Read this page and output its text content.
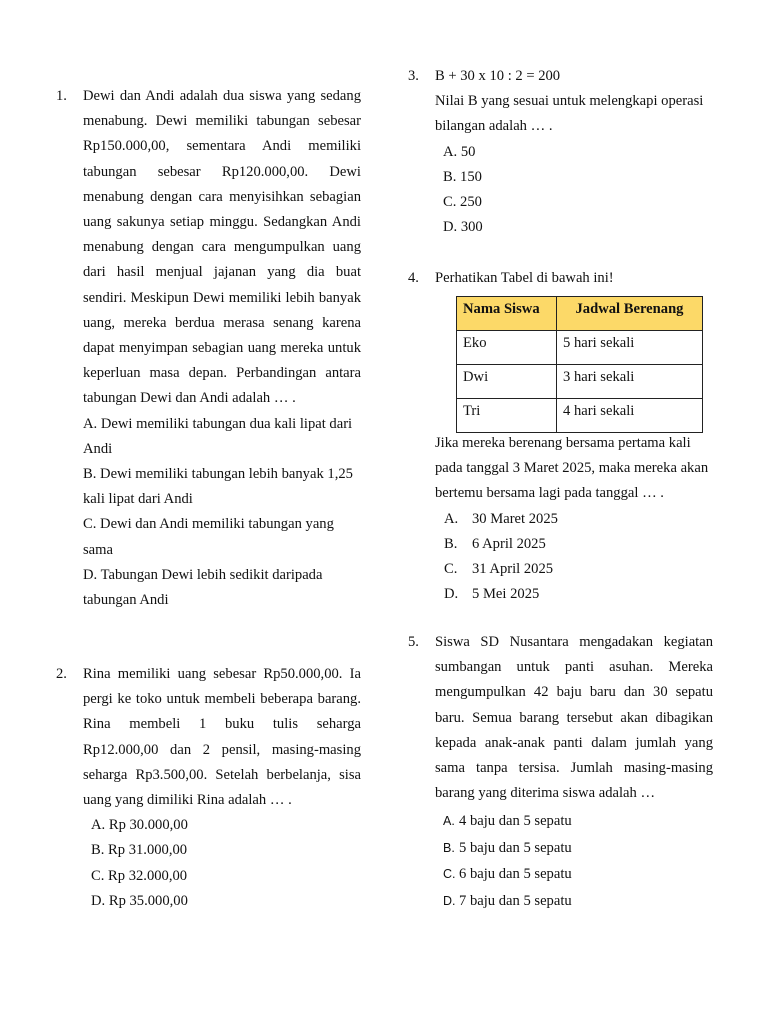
1. Dewi dan Andi adalah dua siswa yang sedang menabung. Dewi memiliki tabungan sebesar Rp150.000,00, sementara Andi memiliki tabungan sebesar Rp120.000,00. Dewi menabung dengan cara menyisihkan sebagian uang sakunya setiap minggu. Sedangkan Andi menabung dengan cara mengumpulkan uang dari hasil menjual jajanan yang dia buat sendiri. Meskipun Dewi memiliki lebih banyak uang, mereka berdua merasa senang karena dapat menyimpan sebagian uang mereka untuk keperluan masa depan. Perbandingan antara tabungan Dewi dan Andi adalah … .

A. Dewi memiliki tabungan dua kali lipat dari Andi
B. Dewi memiliki tabungan lebih banyak 1,25 kali lipat dari Andi
C. Dewi dan Andi memiliki tabungan yang sama
D. Tabungan Dewi lebih sedikit daripada tabungan Andi
2. Rina memiliki uang sebesar Rp50.000,00. Ia pergi ke toko untuk membeli beberapa barang. Rina membeli 1 buku tulis seharga Rp12.000,00 dan 2 pensil, masing-masing seharga Rp3.500,00. Setelah berbelanja, sisa uang yang dimiliki Rina adalah … .

A. Rp 30.000,00
B. Rp 31.000,00
C. Rp 32.000,00
D. Rp 35.000,00
3. B + 30 x 10 : 2 = 200

Nilai B yang sesuai untuk melengkapi operasi bilangan adalah … .

A. 50
B. 150
C. 250
D. 300
4. Perhatikan Tabel di bawah ini!
Nama Siswa	Jadwal Berenang
Eko	5 hari sekali
Dwi	3 hari sekali
Tri	4 hari sekali

Jika mereka berenang bersama pertama kali pada tanggal 3 Maret 2025, maka mereka akan bertemu bersama lagi pada tanggal … .

A. 30 Maret 2025
B. 6 April 2025
C. 31 April 2025
D. 5 Mei 2025
5. Siswa SD Nusantara mengadakan kegiatan sumbangan untuk panti asuhan. Mereka mengumpulkan 42 baju baru dan 30 sepatu baru. Semua barang tersebut akan dibagikan kepada anak-anak panti dalam jumlah yang sama tanpa tersisa. Jumlah masing-masing barang yang diterima siswa adalah …

A. 4 baju dan 5 sepatu
B. 5 baju dan 5 sepatu
C. 6 baju dan 5 sepatu
D. 7 baju dan 5 sepatu
